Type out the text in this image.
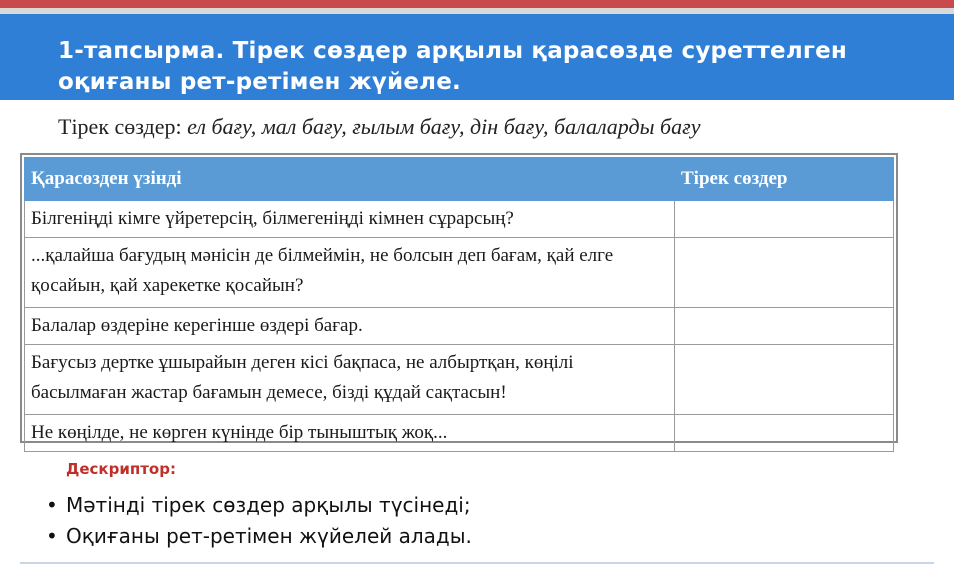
1-тапсырма. Тірек сөздер арқылы қарасөзде суреттелген оқиғаны рет-ретімен жүйеле.
Тірек сөздер: ел бағу, мал бағу, ғылым бағу, дін бағу, балаларды бағу
Қарасөзден үзінді	Тірек сөздер
Білгеніңді кімге үйретерсің, білмегеніңді кімнен сұрарсың?	
...қалайша бағудың мәнісін де білмеймін, не болсын деп бағам, қай елге қосайын, қай харекетке қосайын?	
Балалар өздеріне керегінше өздері бағар.	
Бағусыз дертке ұшырайын деген кісі бақпаса, не албыртқан, көңілі басылмаған жастар бағамын демесе, бізді құдай сақтасын!	
Не көңілде, не көрген күнінде бір тыныштық жоқ...	
Дескриптор:
• Мәтінді тірек сөздер арқылы түсінеді;
• Оқиғаны рет-ретімен жүйелей алады.
